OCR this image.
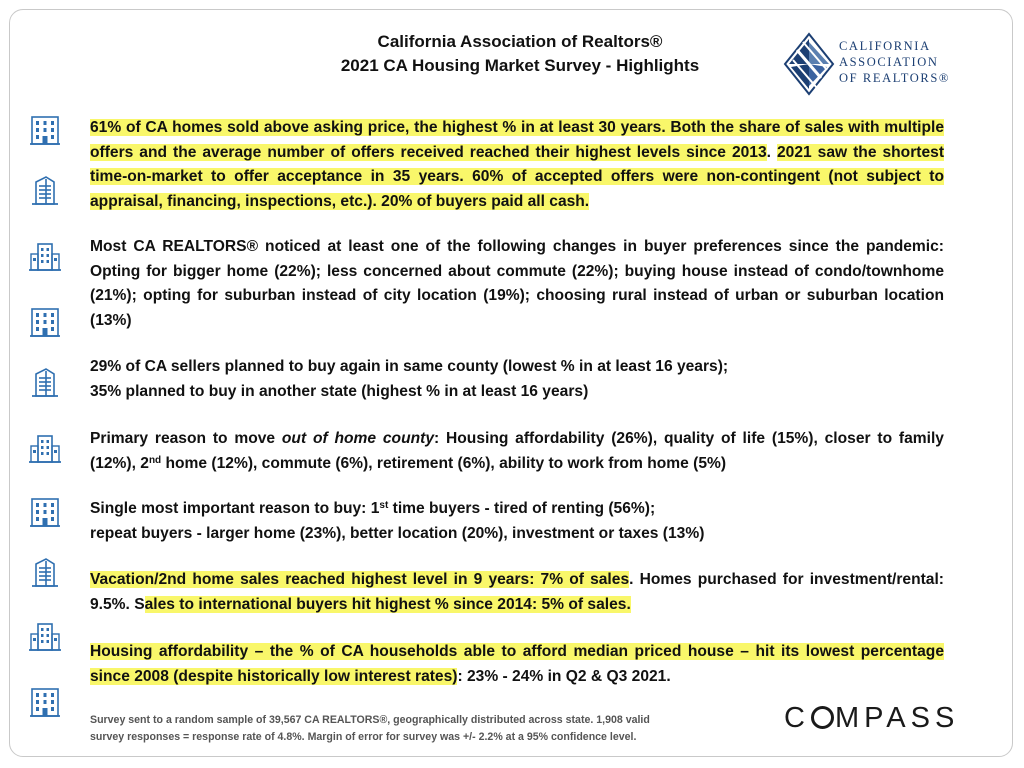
California Association of Realtors®
2021 CA Housing Market Survey - Highlights
CALIFORNIA
ASSOCIATION
OF REALTORS®

61% of CA homes sold above asking price, the highest % in at least 30 years. Both the share of sales with multiple offers and the average number of offers received reached their highest levels since 2013. 2021 saw the shortest time-on-market to offer acceptance in 35 years. 60% of accepted offers were non-contingent (not subject to appraisal, financing, inspections, etc.). 20% of buyers paid all cash.

Most CA REALTORS® noticed at least one of the following changes in buyer preferences since the pandemic: Opting for bigger home (22%); less concerned about commute (22%); buying house instead of condo/townhome (21%); opting for suburban instead of city location (19%); choosing rural instead of urban or suburban location (13%)

29% of CA sellers planned to buy again in same county (lowest % in at least 16 years);

35% planned to buy in another state (highest % in at least 16 years)

Primary reason to move out of home county: Housing affordability (26%), quality of life (15%), closer to family (12%), 2nd home (12%), commute (6%), retirement (6%), ability to work from home (5%)

Single most important reason to buy: 1st time buyers - tired of renting (56%);

repeat buyers - larger home (23%), better location (20%), investment or taxes (13%)

Vacation/2nd home sales reached highest level in 9 years: 7% of sales. Homes purchased for investment/rental: 9.5%. Sales to international buyers hit highest % since 2014: 5% of sales.

Housing affordability – the % of CA households able to afford median priced house – hit its lowest percentage since 2008 (despite historically low interest rates): 23% - 24% in Q2 & Q3 2021.

Survey sent to a random sample of 39,567 CA REALTORS®, geographically distributed across state. 1,908 valid
survey responses = response rate of 4.8%. Margin of error for survey was +/- 2.2% at a 95% confidence level.
C MPASS
